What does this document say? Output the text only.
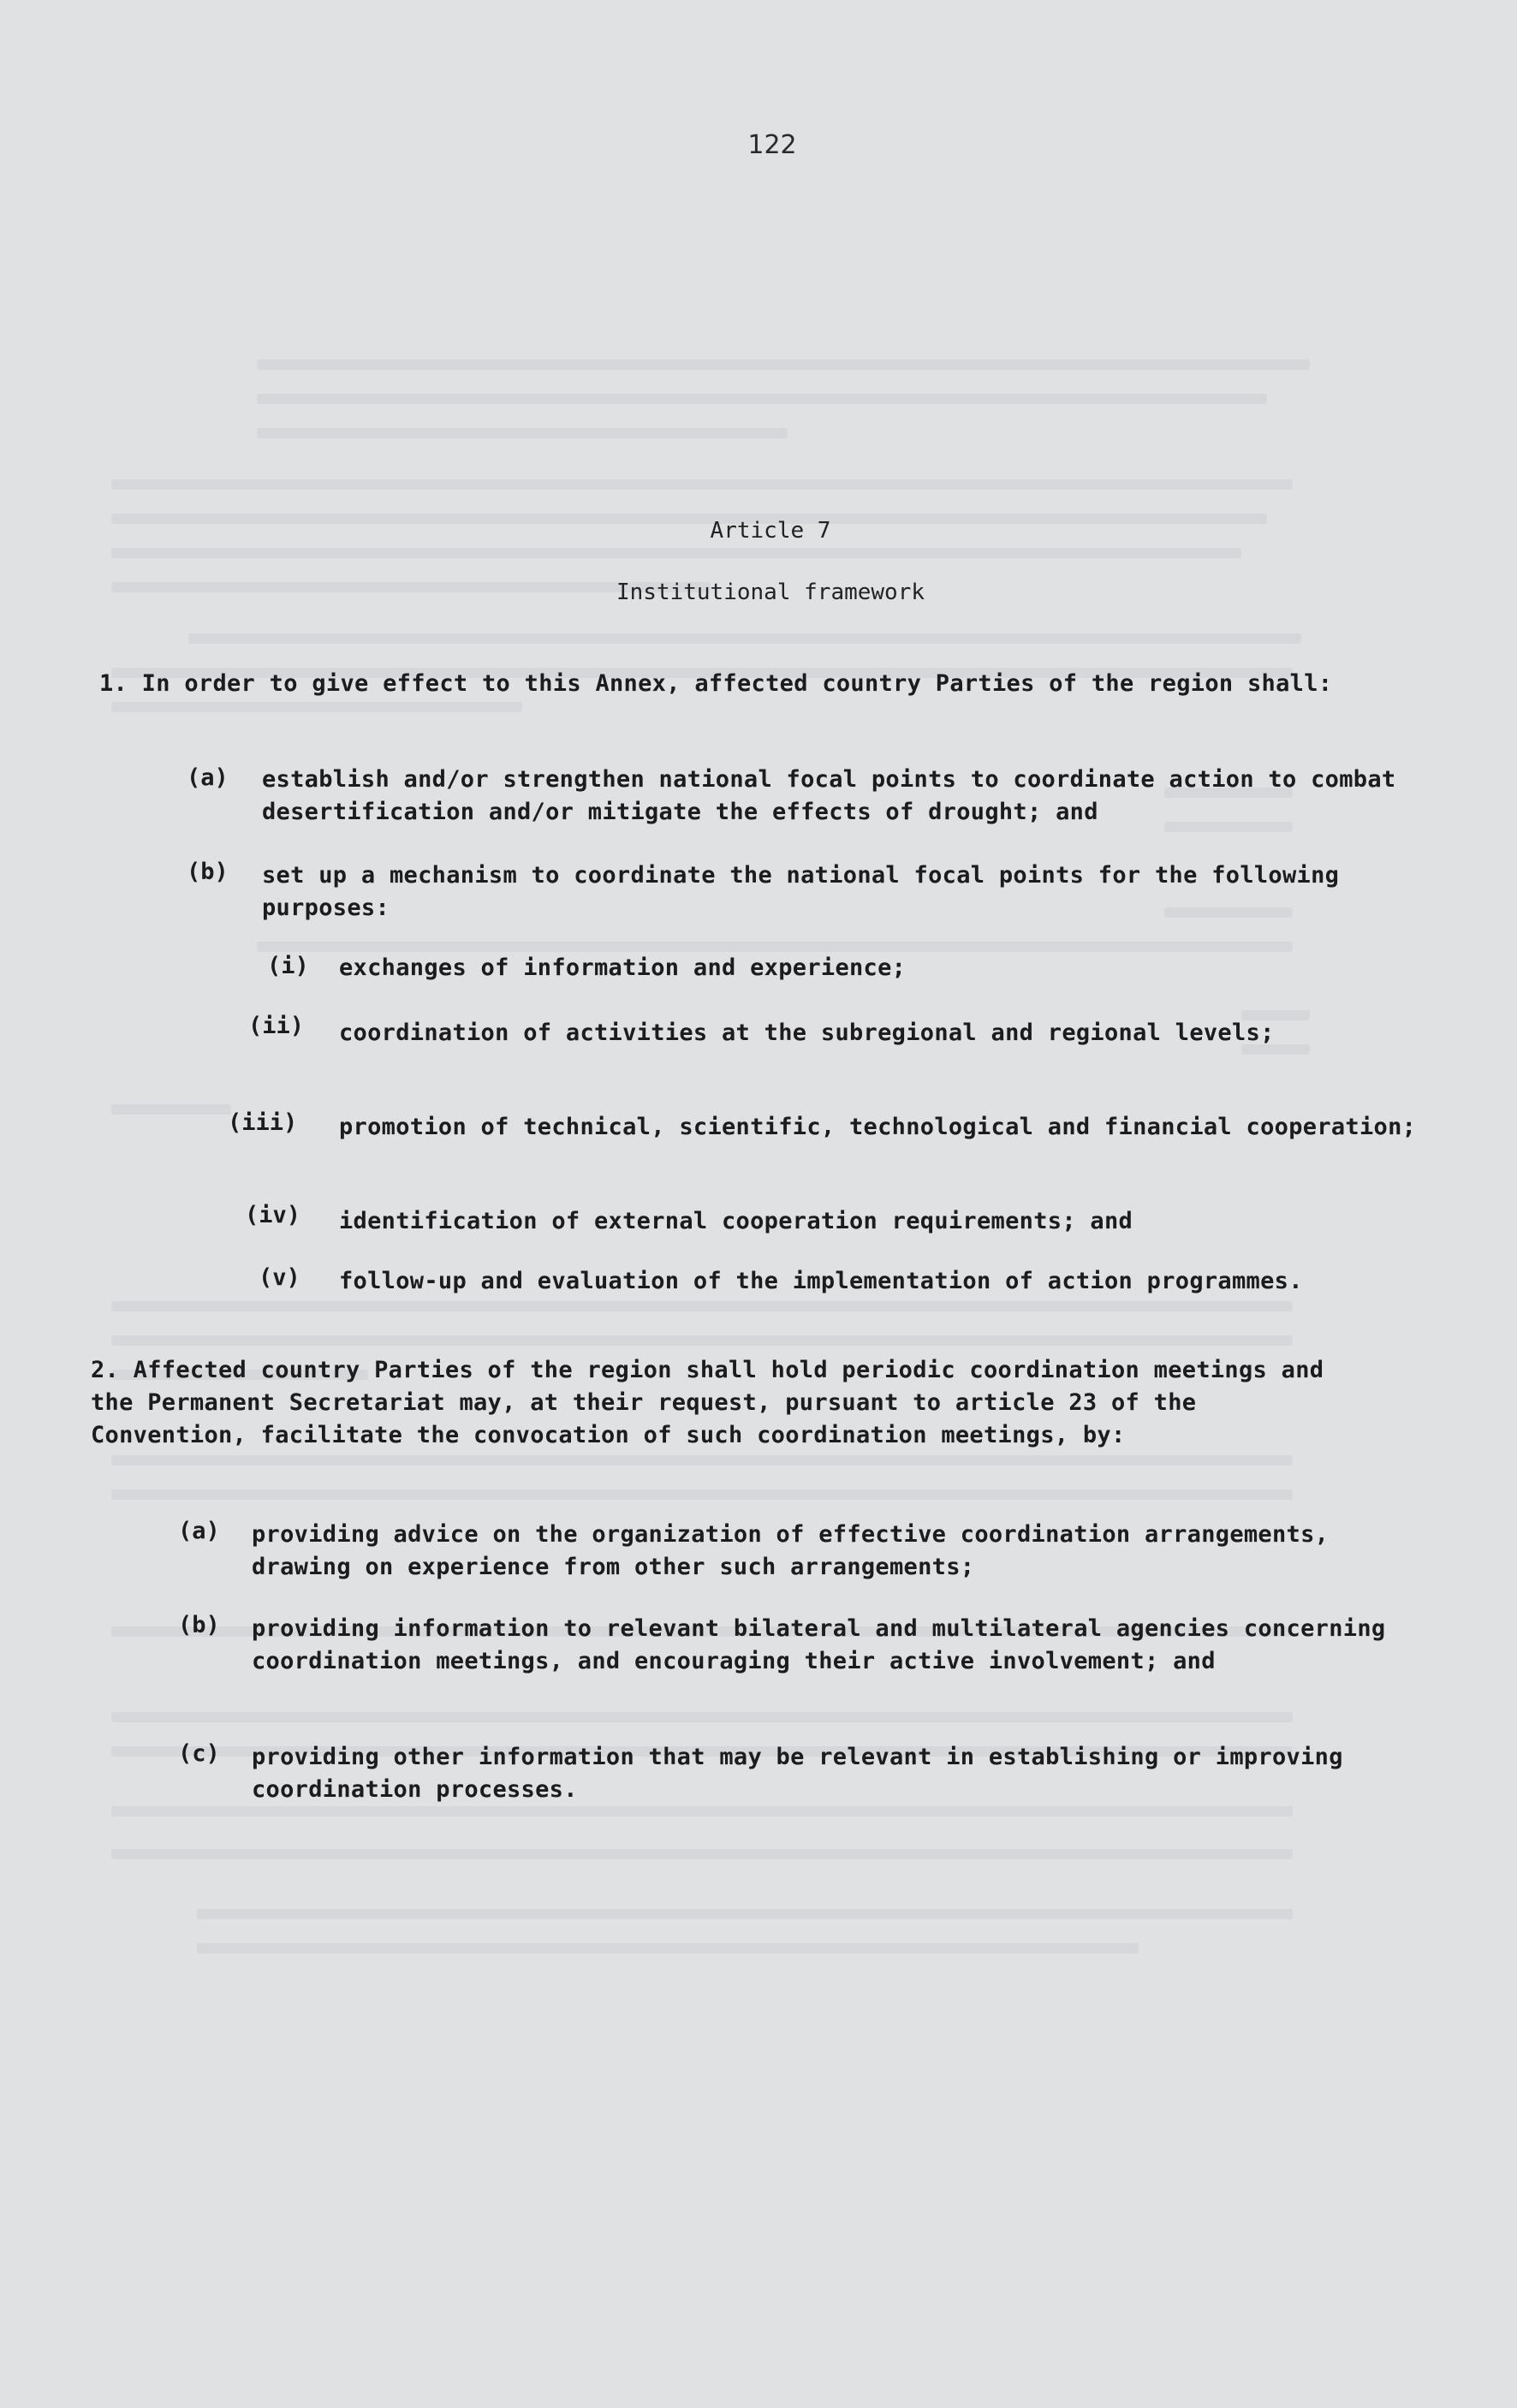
122
Article 7
Institutional framework
1. In order to give effect to this Annex, affected country Parties of the region shall:
(a) establish and/or strengthen national focal points to coordinate action to combat desertification and/or mitigate the effects of drought; and
(b) set up a mechanism to coordinate the national focal points for the following purposes:
(i) exchanges of information and experience;
(ii) coordination of activities at the subregional and regional levels;
(iii) promotion of technical, scientific, technological and financial cooperation;
(iv) identification of external cooperation requirements; and
(v) follow-up and evaluation of the implementation of action programmes.
2. Affected country Parties of the region shall hold periodic coordination meetings and the Permanent Secretariat may, at their request, pursuant to article 23 of the Convention, facilitate the convocation of such coordination meetings, by:
(a) providing advice on the organization of effective coordination arrangements, drawing on experience from other such arrangements;
(b) providing information to relevant bilateral and multilateral agencies concerning coordination meetings, and encouraging their active involvement; and
(c) providing other information that may be relevant in establishing or improving coordination processes.
